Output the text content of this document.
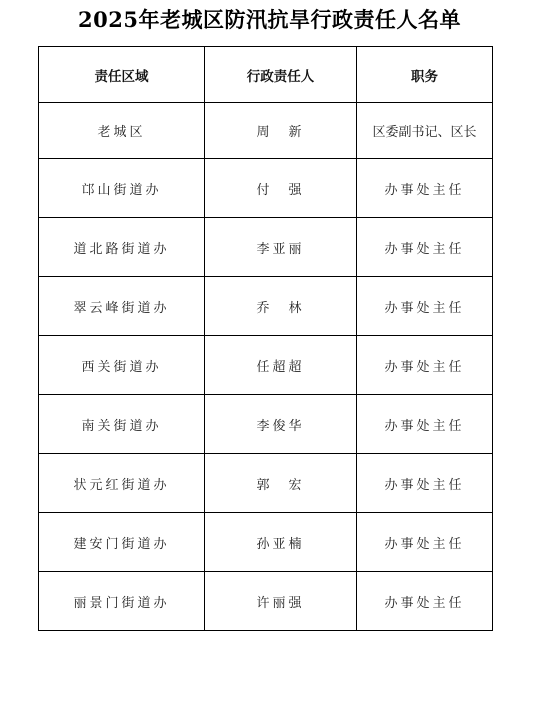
2025年老城区防汛抗旱行政责任人名单
责任区域	行政责任人	职务
老城区	周　新	区委副书记、区长
邙山街道办	付　强	办事处主任
道北路街道办	李亚丽	办事处主任
翠云峰街道办	乔　林	办事处主任
西关街道办	任超超	办事处主任
南关街道办	李俊华	办事处主任
状元红街道办	郭　宏	办事处主任
建安门街道办	孙亚楠	办事处主任
丽景门街道办	许丽强	办事处主任
